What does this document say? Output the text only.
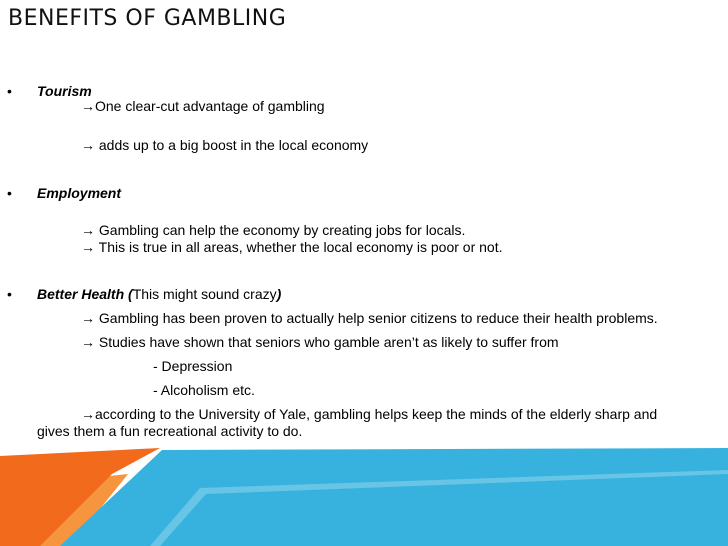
BENEFITS OF GAMBLING
• Tourism
→One clear-cut advantage of gambling
→ adds up to a big boost in the local economy
• Employment
→ Gambling can help the economy by creating jobs for locals.
→ This is true in all areas, whether the local economy is poor or not.
• Better Health (This might sound crazy)
→ Gambling has been proven to actually help senior citizens to reduce their health problems.
→ Studies have shown that seniors who gamble aren’t as likely to suffer from
- Depression
- Alcoholism etc.
→according to the University of Yale, gambling helps keep the minds of the elderly sharp and
gives them a fun recreational activity to do.
